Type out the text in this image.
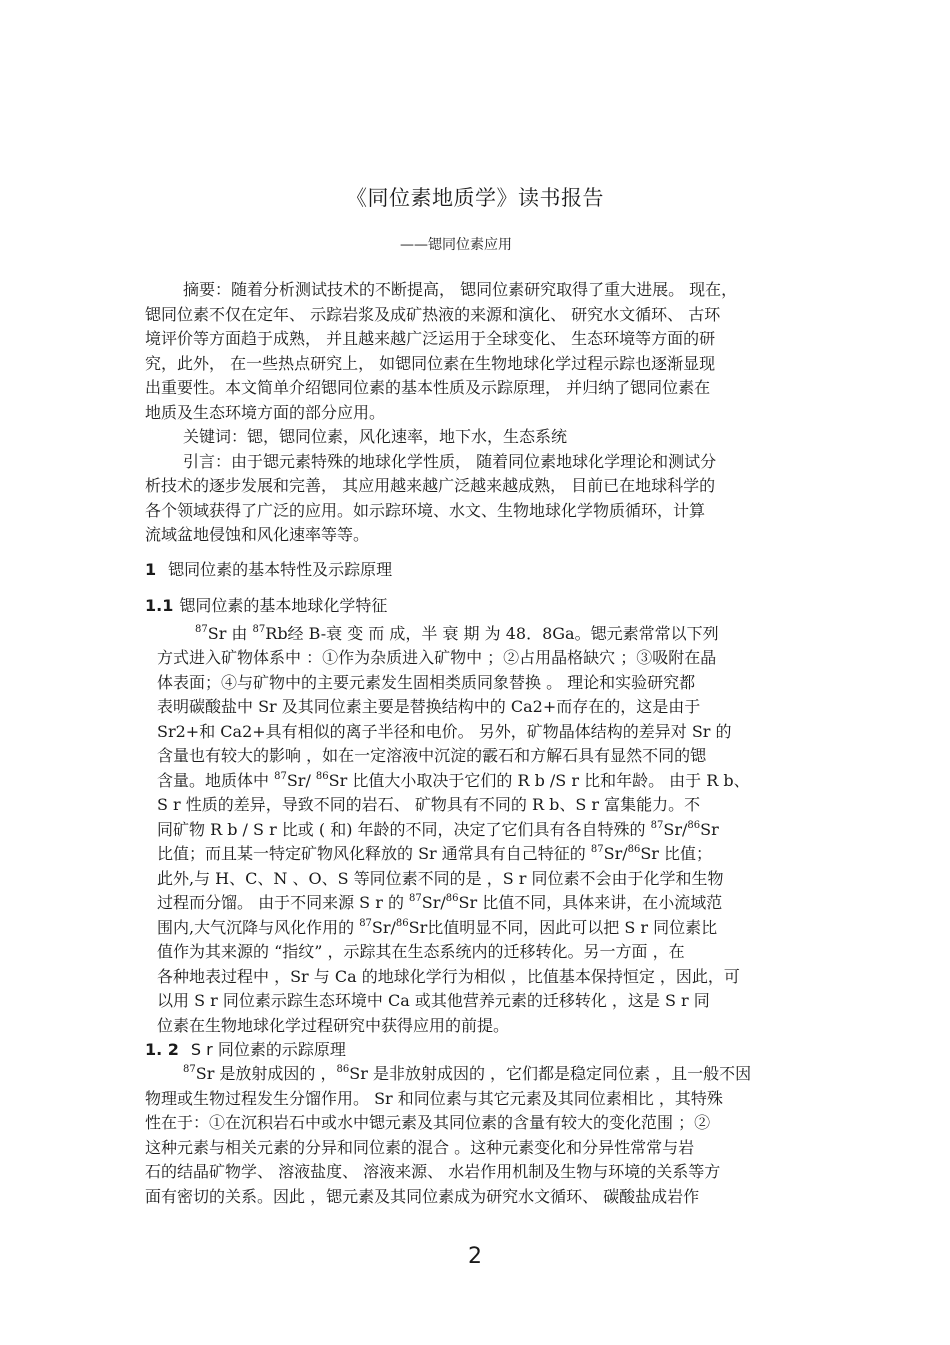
《同位素地质学》读书报告
——锶同位素应用

摘要：随着分析测试技术的不断提高， 锶同位素研究取得了重大进展。 现在，
锶同位素不仅在定年、 示踪岩浆及成矿热液的来源和演化、 研究水文循环、 古环
境评价等方面趋于成熟， 并且越来越广泛运用于全球变化、 生态环境等方面的研
究，此外， 在一些热点研究上， 如锶同位素在生物地球化学过程示踪也逐渐显现
出重要性。本文简单介绍锶同位素的基本性质及示踪原理， 并归纳了锶同位素在
地质及生态环境方面的部分应用。

关键词：锶，锶同位素，风化速率，地下水，生态系统

引言：由于锶元素特殊的地球化学性质， 随着同位素地球化学理论和测试分
析技术的逐步发展和完善， 其应用越来越广泛越来越成熟， 目前已在地球科学的
各个领域获得了广泛的应用。如示踪环境、水文、生物地球化学物质循环，计算
流域盆地侵蚀和风化速率等等。

1 锶同位素的基本特性及示踪原理

1.1 锶同位素的基本地球化学特征

$^{87}$Sr 由 $^{87}$Rb经 B-衰 变 而 成，半 衰 期 为 48．8Ga。锶元素常常以下列
方式进入矿物体系中 ：①作为杂质进入矿物中 ；②占用晶格缺穴 ；③吸附在晶
体表面；④与矿物中的主要元素发生固相类质同象替换 。 理论和实验研究都
表明碳酸盐中 Sr 及其同位素主要是替换结构中的 Ca2+而存在的，这是由于
Sr2+和 Ca2+具有相似的离子半径和电价。 另外，矿物晶体结构的差异对 Sr 的
含量也有较大的影响 ，如在一定溶液中沉淀的霰石和方解石具有显然不同的锶
含量。地质体中 $^{87}$Sr/ $^{86}$Sr 比值大小取决于它们的 R b /S r 比和年龄。 由于 R b、
S r 性质的差异，导致不同的岩石、 矿物具有不同的 R b、S r 富集能力。不
同矿物 R b / S r 比或 ( 和) 年龄的不同，决定了它们具有各自特殊的 $^{87}$Sr/$^{86}$Sr
比值；而且某一特定矿物风化释放的 Sr 通常具有自己特征的 $^{87}$Sr/$^{86}$Sr 比值；
此外,与 H、C、N 、O、S 等同位素不同的是 ，S r 同位素不会由于化学和生物
过程而分馏。 由于不同来源 S r 的 $^{87}$Sr/$^{86}$Sr 比值不同，具体来讲，在小流域范
围内,大气沉降与风化作用的 $^{87}$Sr/$^{86}$Sr比值明显不同，因此可以把 S r 同位素比
值作为其来源的 “指纹” ，示踪其在生态系统内的迁移转化。另一方面 ，在
各种地表过程中 ，Sr 与 Ca 的地球化学行为相似 ，比值基本保持恒定 ，因此，可
以用 S r 同位素示踪生态环境中 Ca 或其他营养元素的迁移转化 ，这是 S r 同
位素在生物地球化学过程研究中获得应用的前提。

1. 2 S r 同位素的示踪原理

$^{87}$Sr 是放射成因的 ，$^{86}$Sr 是非放射成因的 ，它们都是稳定同位素 ，且一般不因
物理或生物过程发生分馏作用。 Sr 和同位素与其它元素及其同位素相比 ，其特殊
性在于：①在沉积岩石中或水中锶元素及其同位素的含量有较大的变化范围 ；②
这种元素与相关元素的分异和同位素的混合 。这种元素变化和分异性常常与岩
石的结晶矿物学、 溶液盐度、 溶液来源、 水岩作用机制及生物与环境的关系等方
面有密切的关系。因此 ，锶元素及其同位素成为研究水文循环、 碳酸盐成岩作

2
